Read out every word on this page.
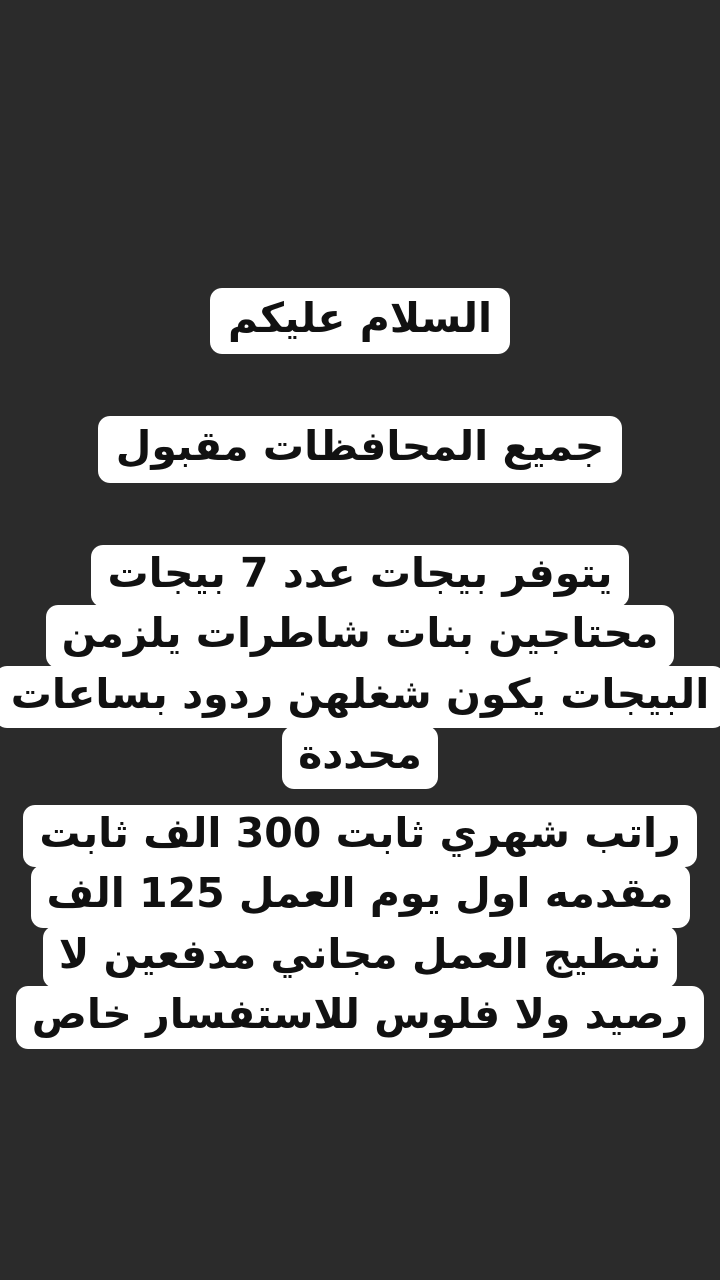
السلام عليكم
جميع المحافظات مقبول
يتوفر بيجات عدد 7 بيجات
محتاجين بنات شاطرات يلزمن
البيجات يكون شغلهن ردود بساعات
محددة
راتب شهري ثابت 300 الف ثابت
مقدمه اول يوم العمل 125 الف
ننطيج العمل مجاني مدفعين لا
رصيد ولا فلوس للاستفسار خاص
